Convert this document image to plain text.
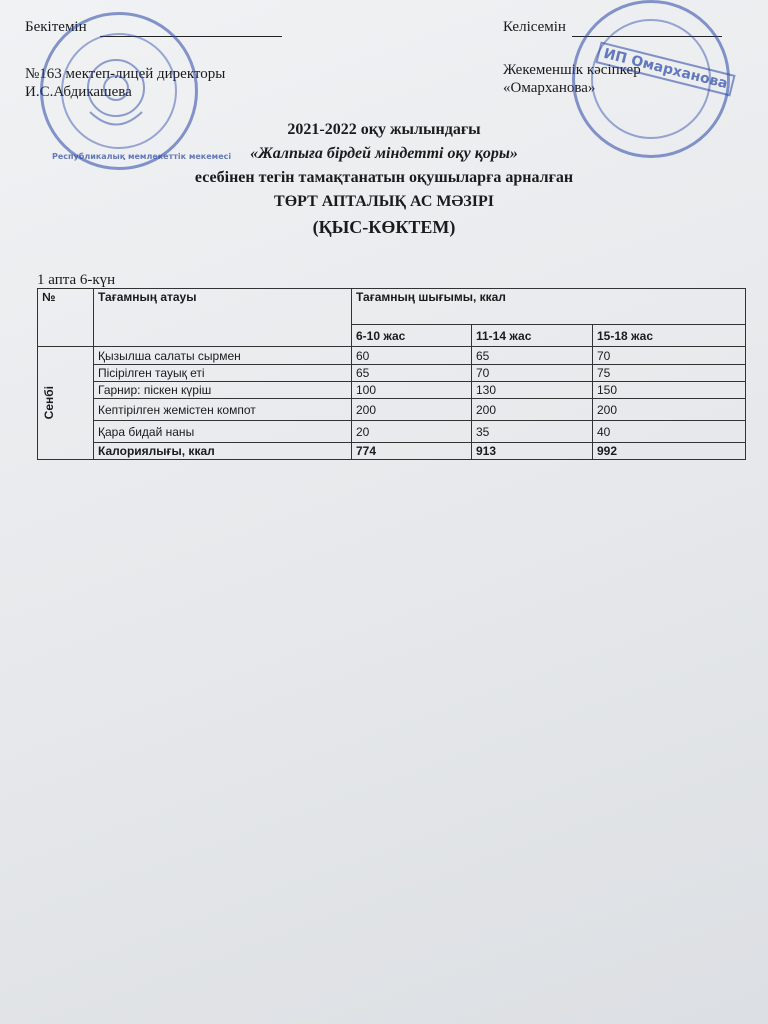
Бекітемін
№163 мектеп-лицей директоры
И.С.Абдикашева
Келісемін
Жекеменшік кәсіпкер
«Омарханова»
Республикалық мемлекеттік мекемесі
ИП Омарханова
2021-2022 оқу жылындағы
«Жалпыға бірдей міндетті оқу қоры»
есебінен тегін тамақтанатын оқушыларға арналған
ТӨРТ АПТАЛЫҚ АС МӘЗІРІ
(ҚЫС-КӨКТЕМ)
1 апта 6-күн
№	Тағамның атауы	Тағамның шығымы, ккал		
		6-10 жас	11-14 жас	15-18 жас

Сенбі	Қызылша салаты сырмен	60	65	70
	Пісірілген тауық еті	65	70	75
	Гарнир: піскен күріш	100	130	150
	Кептірілген жемістен компот	200	200	200
	Қара бидай наны	20	35	40
	Калориялығы, ккал	774	913	992
